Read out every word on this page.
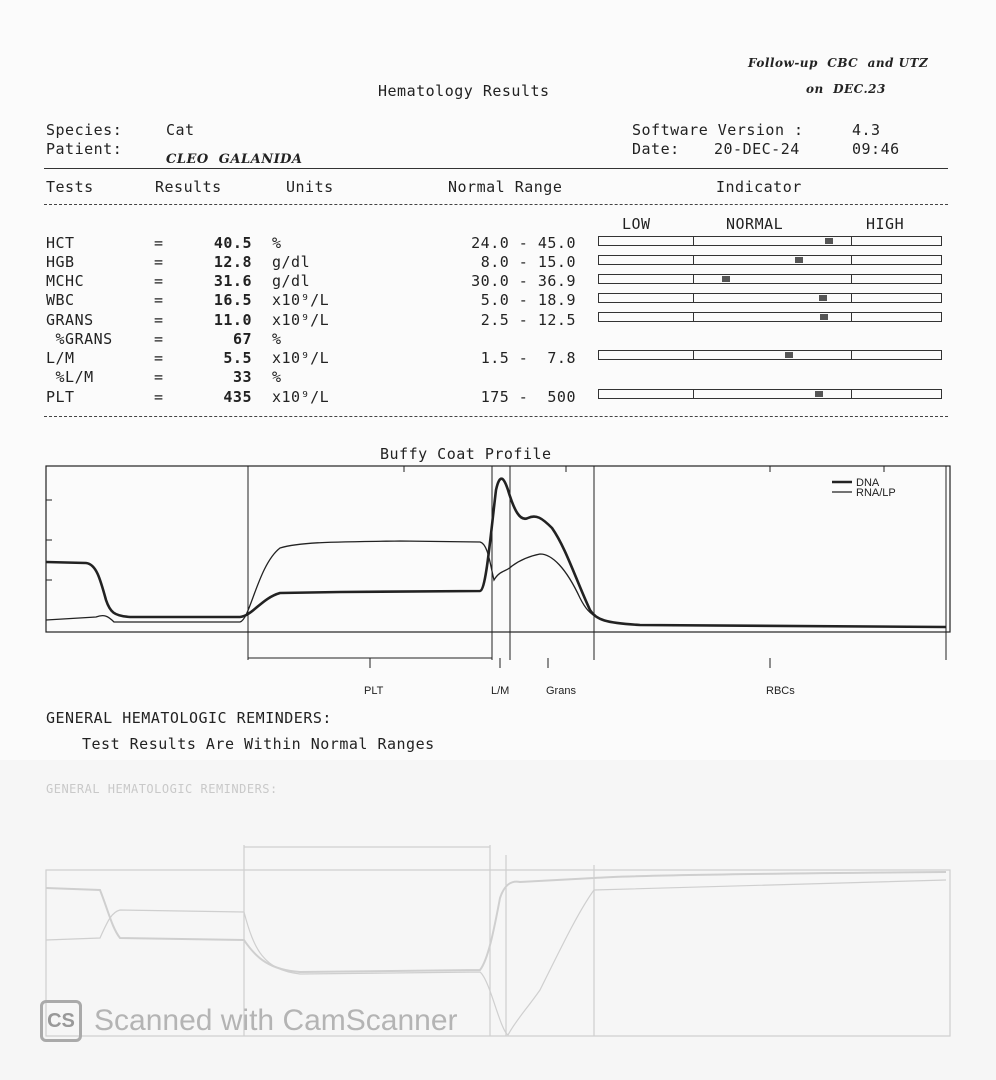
Follow-up  CBC  and UTZ
on  DEC.23
Hematology Results
Species:	Cat
Patient:
CLEO  GALANIDA
Software Version :	4.3
Date: 20-DEC-24	09:46
Tests	Results	Units	Normal Range	Indicator
LOW	NORMAL	HIGH
HCT	=	40.5 %	24.0 - 45.0
HGB	=	12.8 g/dl	8.0 - 15.0
MCHC	=	31.6 g/dl	30.0 - 36.9
WBC	=	16.5 x10⁹/L	5.0 - 18.9
GRANS	=	11.0 x10⁹/L	2.5 - 12.5
%GRANS	=	67 %
L/M	=	5.5 x10⁹/L	1.5 -  7.8
%L/M	=	33 %
PLT	=	435 x10⁹/L	175 -  500
Buffy Coat Profile
DNA
RNA/LP
PLT	L/M	Grans	RBCs
GENERAL HEMATOLOGIC REMINDERS:
Test Results Are Within Normal Ranges
GENERAL HEMATOLOGIC REMINDERS:
CS Scanned with CamScanner
